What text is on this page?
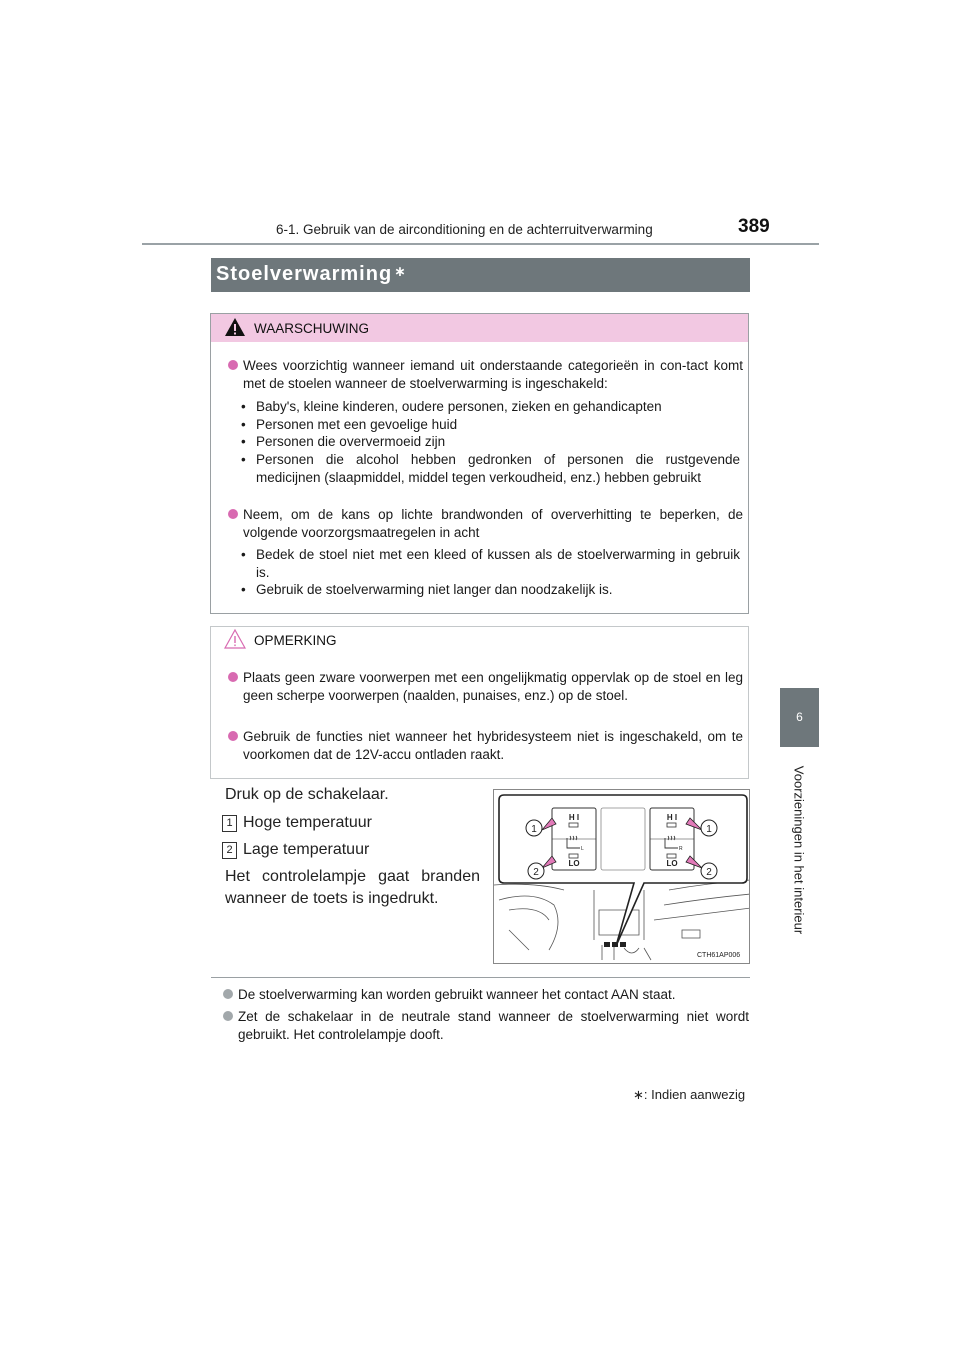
6-1. Gebruik van de airconditioning en de achterruitverwarming	389
6
Voorzieningen in het interieur
Stoelverwarming ∗
WAARSCHUWING
Wees voorzichtig wanneer iemand uit onderstaande categorieën in con-tact komt met de stoelen wanneer de stoelverwarming is ingeschakeld:
• Baby's, kleine kinderen, oudere personen, zieken en gehandicapten
• Personen met een gevoelige huid
• Personen die oververmoeid zijn
• Personen die alcohol hebben gedronken of personen die rustgevende medicijnen (slaapmiddel, middel tegen verkoudheid, enz.) hebben gebruikt
Neem, om de kans op lichte brandwonden of oververhitting te beperken, de volgende voorzorgsmaatregelen in acht
• Bedek de stoel niet met een kleed of kussen als de stoelverwarming in gebruik is.
• Gebruik de stoelverwarming niet langer dan noodzakelijk is.
OPMERKING
Plaats geen zware voorwerpen met een ongelijkmatig oppervlak op de stoel en leg geen scherpe voorwerpen (naalden, punaises, enz.) op de stoel.
Gebruik de functies niet wanneer het hybridesysteem niet is ingeschakeld, om te voorkomen dat de 12V-accu ontladen raakt.
Druk op de schakelaar.
1 Hoge temperatuur
2 Lage temperatuur
Het controlelampje gaat branden
wanneer de toets is ingedrukt.
H I
L
LO
H I
R
LO
1	1
2	2
CTH61AP006
De stoelverwarming kan worden gebruikt wanneer het contact AAN staat.
Zet de schakelaar in de neutrale stand wanneer de stoelverwarming niet wordt gebruikt. Het controlelampje dooft.
∗: Indien aanwezig
